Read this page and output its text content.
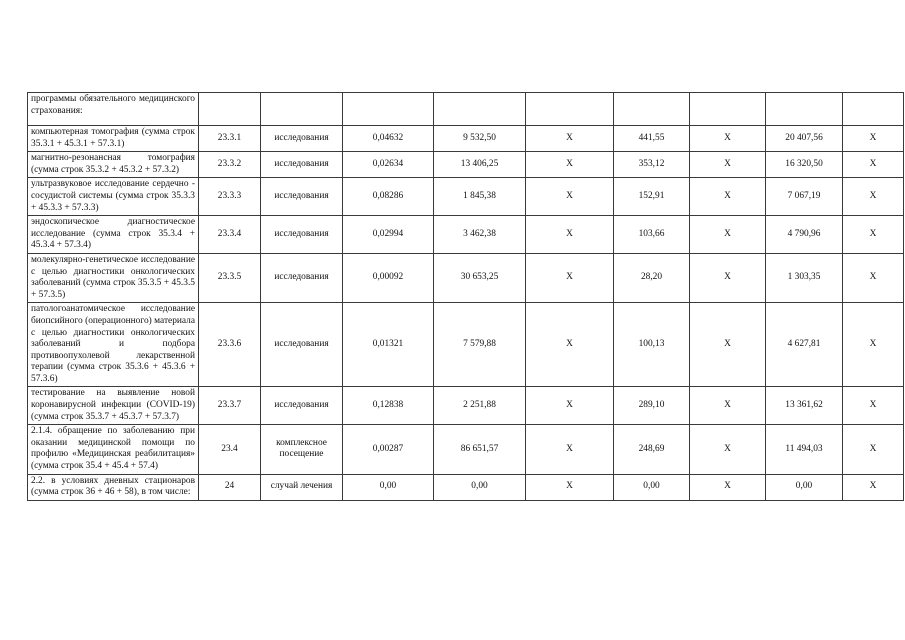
программы обязательного медицинского страхования:									
компьютерная томография (сумма строк 35.3.1 + 45.3.1 + 57.3.1)	23.3.1	исследования	0,04632	9 532,50	X	441,55	X	20 407,56	X
магнитно-резонансная томография (сумма строк 35.3.2 + 45.3.2 + 57.3.2)	23.3.2	исследования	0,02634	13 406,25	X	353,12	X	16 320,50	X
ультразвуковое исследование сердечно - сосудистой системы (сумма строк 35.3.3 + 45.3.3 + 57.3.3)	23.3.3	исследования	0,08286	1 845,38	X	152,91	X	7 067,19	X
эндоскопическое диагностическое исследование (сумма строк 35.3.4 + 45.3.4 + 57.3.4)	23.3.4	исследования	0,02994	3 462,38	X	103,66	X	4 790,96	X
молекулярно-генетическое исследование с целью диагностики онкологических заболеваний (сумма строк 35.3.5 + 45.3.5 + 57.3.5)	23.3.5	исследования	0,00092	30 653,25	X	28,20	X	1 303,35	X
патологоанатомическое исследование биопсийного (операционного) материала с целью диагностики онкологических заболеваний и подбора противоопухолевой лекарственной терапии (сумма строк 35.3.6 + 45.3.6 + 57.3.6)	23.3.6	исследования	0,01321	7 579,88	X	100,13	X	4 627,81	X
тестирование на выявление новой коронавирусной инфекции (COVID-19) (сумма строк 35.3.7 + 45.3.7 + 57.3.7)	23.3.7	исследования	0,12838	2 251,88	X	289,10	X	13 361,62	X
2.1.4. обращение по заболеванию при оказании медицинской помощи по профилю «Медицинская реабилитация» (сумма строк 35.4 + 45.4 + 57.4)	23.4	комплексное посещение	0,00287	86 651,57	X	248,69	X	11 494,03	X
2.2. в условиях дневных стационаров (сумма строк 36 + 46 + 58), в том числе:	24	случай лечения	0,00	0,00	X	0,00	X	0,00	X
